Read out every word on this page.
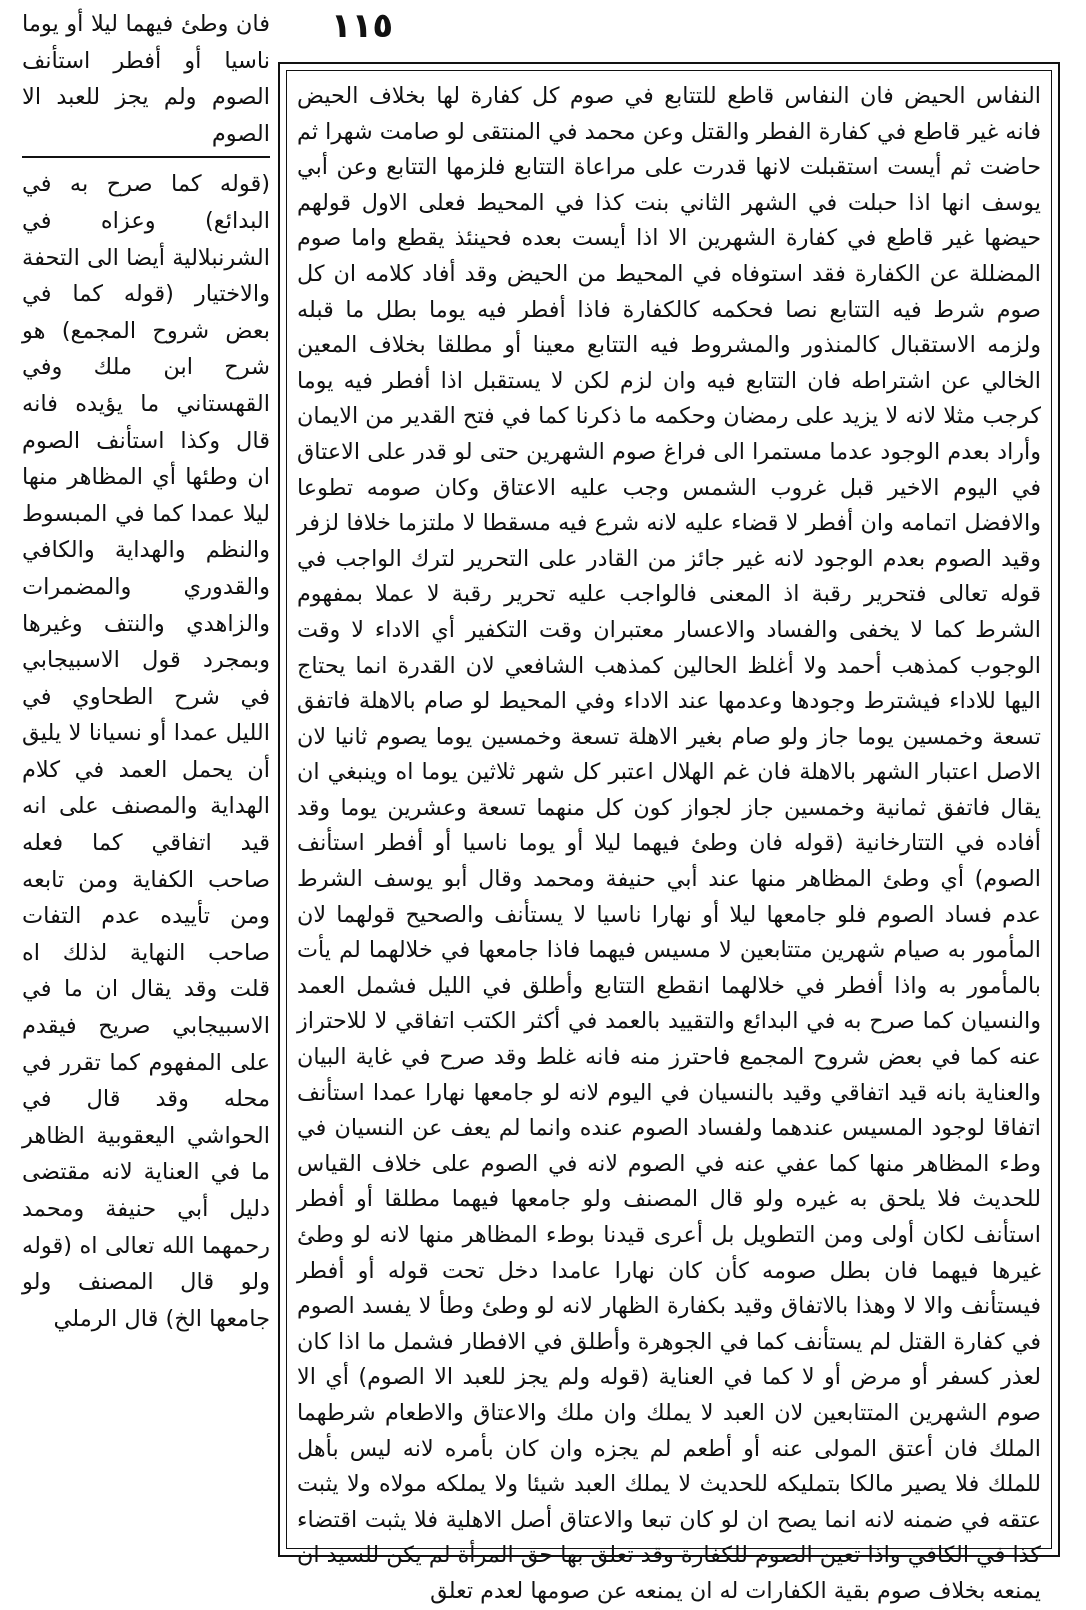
١١٥
فان وطئ فيهما ليلا أو يوما ناسيا أو أفطر استأنف الصوم ولم يجز للعبد الا الصوم
(قوله كما صرح به في البدائع) وعزاه في الشرنبلالية أيضا الى التحفة والاختيار (قوله كما في بعض شروح المجمع) هو شرح ابن ملك وفي القهستاني ما يؤيده فانه قال وكذا استأنف الصوم ان وطئها أي المظاهر منها ليلا عمدا كما في المبسوط والنظم والهداية والكافي والقدوري والمضمرات والزاهدي والنتف وغيرها وبمجرد قول الاسبيجابي في شرح الطحاوي في الليل عمدا أو نسيانا لا يليق أن يحمل العمد في كلام الهداية والمصنف على انه قيد اتفاقي كما فعله صاحب الكفاية ومن تابعه ومن تأييده عدم التفات صاحب النهاية لذلك اه قلت وقد يقال ان ما في الاسبيجابي صريح فيقدم على المفهوم كما تقرر في محله وقد قال في الحواشي اليعقوبية الظاهر ما في العناية لانه مقتضى دليل أبي حنيفة ومحمد رحمهما الله تعالى اه (قوله ولو قال المصنف ولو جامعها الخ) قال الرملي
النفاس الحيض فان النفاس قاطع للتتابع في صوم كل كفارة لها بخلاف الحيض فانه غير قاطع في كفارة الفطر والقتل وعن محمد في المنتقى لو صامت شهرا ثم حاضت ثم أيست استقبلت لانها قدرت على مراعاة التتابع فلزمها التتابع وعن أبي يوسف انها اذا حبلت في الشهر الثاني بنت كذا في المحيط فعلى الاول قولهم حيضها غير قاطع في كفارة الشهرين الا اذا أيست بعده فحينئذ يقطع واما صوم المضللة عن الكفارة فقد استوفاه في المحيط من الحيض وقد أفاد كلامه ان كل صوم شرط فيه التتابع نصا فحكمه كالكفارة فاذا أفطر فيه يوما بطل ما قبله ولزمه الاستقبال كالمنذور والمشروط فيه التتابع معينا أو مطلقا بخلاف المعين الخالي عن اشتراطه فان التتابع فيه وان لزم لكن لا يستقبل اذا أفطر فيه يوما كرجب مثلا لانه لا يزيد على رمضان وحكمه ما ذكرنا كما في فتح القدير من الايمان وأراد بعدم الوجود عدما مستمرا الى فراغ صوم الشهرين حتى لو قدر على الاعتاق في اليوم الاخير قبل غروب الشمس وجب عليه الاعتاق وكان صومه تطوعا والافضل اتمامه وان أفطر لا قضاء عليه لانه شرع فيه مسقطا لا ملتزما خلافا لزفر وقيد الصوم بعدم الوجود لانه غير جائز من القادر على التحرير لترك الواجب في قوله تعالى فتحرير رقبة اذ المعنى فالواجب عليه تحرير رقبة لا عملا بمفهوم الشرط كما لا يخفى والفساد والاعسار معتبران وقت التكفير أي الاداء لا وقت الوجوب كمذهب أحمد ولا أغلظ الحالين كمذهب الشافعي لان القدرة انما يحتاج اليها للاداء فيشترط وجودها وعدمها عند الاداء وفي المحيط لو صام بالاهلة فاتفق تسعة وخمسين يوما جاز ولو صام بغير الاهلة تسعة وخمسين يوما يصوم ثانيا لان الاصل اعتبار الشهر بالاهلة فان غم الهلال اعتبر كل شهر ثلاثين يوما اه وينبغي ان يقال فاتفق ثمانية وخمسين جاز لجواز كون كل منهما تسعة وعشرين يوما وقد أفاده في التتارخانية (قوله فان وطئ فيهما ليلا أو يوما ناسيا أو أفطر استأنف الصوم) أي وطئ المظاهر منها عند أبي حنيفة ومحمد وقال أبو يوسف الشرط عدم فساد الصوم فلو جامعها ليلا أو نهارا ناسيا لا يستأنف والصحيح قولهما لان المأمور به صيام شهرين متتابعين لا مسيس فيهما فاذا جامعها في خلالهما لم يأت بالمأمور به واذا أفطر في خلالهما انقطع التتابع وأطلق في الليل فشمل العمد والنسيان كما صرح به في البدائع والتقييد بالعمد في أكثر الكتب اتفاقي لا للاحتراز عنه كما في بعض شروح المجمع فاحترز منه فانه غلط وقد صرح في غاية البيان والعناية بانه قيد اتفاقي وقيد بالنسيان في اليوم لانه لو جامعها نهارا عمدا استأنف اتفاقا لوجود المسيس عندهما ولفساد الصوم عنده وانما لم يعف عن النسيان في وطء المظاهر منها كما عفي عنه في الصوم لانه في الصوم على خلاف القياس للحديث فلا يلحق به غيره ولو قال المصنف ولو جامعها فيهما مطلقا أو أفطر استأنف لكان أولى ومن التطويل بل أعرى قيدنا بوطء المظاهر منها لانه لو وطئ غيرها فيهما فان بطل صومه كأن كان نهارا عامدا دخل تحت قوله أو أفطر فيستأنف والا لا وهذا بالاتفاق وقيد بكفارة الظهار لانه لو وطئ وطأ لا يفسد الصوم في كفارة القتل لم يستأنف كما في الجوهرة وأطلق في الافطار فشمل ما اذا كان لعذر كسفر أو مرض أو لا كما في العناية (قوله ولم يجز للعبد الا الصوم) أي الا صوم الشهرين المتتابعين لان العبد لا يملك وان ملك والاعتاق والاطعام شرطهما الملك فان أعتق المولى عنه أو أطعم لم يجزه وان كان بأمره لانه ليس بأهل للملك فلا يصير مالكا بتمليكه للحديث لا يملك العبد شيئا ولا يملكه مولاه ولا يثبت عتقه في ضمنه لانه انما يصح ان لو كان تبعا والاعتاق أصل الاهلية فلا يثبت اقتضاء كذا في الكافي واذا تعين الصوم للكفارة وقد تعلق بها حق المرأة لم يكن للسيد ان يمنعه بخلاف صوم بقية الكفارات له ان يمنعه عن صومها لعدم تعلق
